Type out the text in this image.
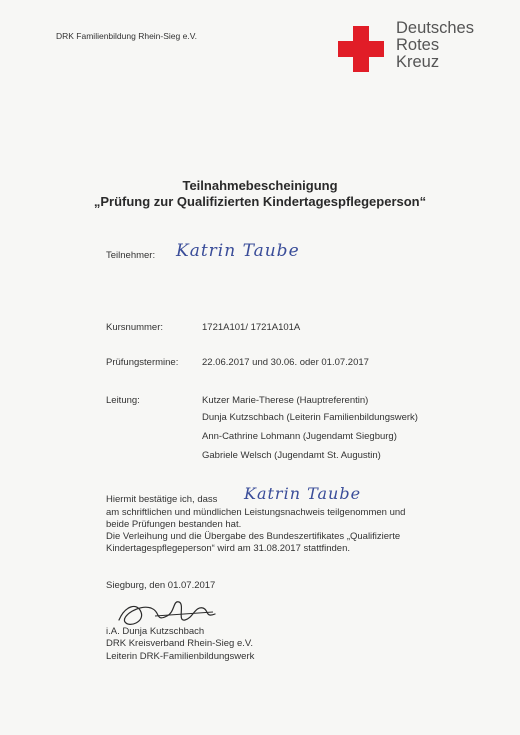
DRK Familienbildung Rhein-Sieg e.V.	Deutsches
Rotes
Kreuz
Teilnahmebescheinigung
„Prüfung zur Qualifizierten Kindertagespflegeperson“
Teilnehmer: Katrin Taube
Kursnummer:	1721A101/ 1721A101A
Prüfungstermine: 22.06.2017 und 30.06. oder 01.07.2017
Leitung:	Kutzer Marie-Therese (Hauptreferentin)
Dunja Kutzschbach (Leiterin Familienbildungswerk)
Ann-Cathrine Lohmann (Jugendamt Siegburg)
Gabriele Welsch (Jugendamt St. Augustin)
Hiermit bestätige ich, dass Katrin Taube
am schriftlichen und mündlichen Leistungsnachweis teilgenommen und
beide Prüfungen bestanden hat.
Die Verleihung und die Übergabe des Bundeszertifikates „Qualifizierte
Kindertagespflegeperson“ wird am 31.08.2017 stattfinden.
Siegburg, den 01.07.2017
i.A. Dunja Kutzschbach
DRK Kreisverband Rhein-Sieg e.V.
Leiterin DRK-Familienbildungswerk
